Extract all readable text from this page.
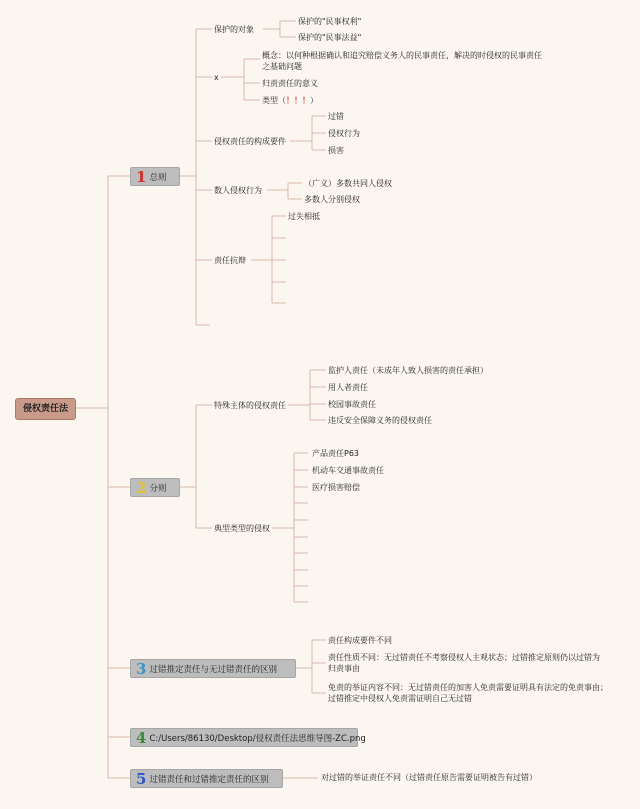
侵权责任法
1 总则
2 分则
3 过错推定责任与无过错责任的区别
4 C:/Users/86130/Desktop/侵权责任法思维导图-ZC.png
5 过错责任和过错推定责任的区别
保护的对象
保护的"民事权利"
保护的"民事法益"
x
概念：以何种根据确认和追究赔偿义务人的民事责任，解决的时侵权的民事责任之基础问题
归责责任的意义
类型（！！！）
侵权责任的构成要件
过错
侵权行为
损害
数人侵权行为
（广义）多数共同人侵权
多数人分别侵权
责任抗辩
过失相抵
特殊主体的侵权责任
监护人责任（未成年人致人损害的责任承担）
用人者责任
校园事故责任
违反安全保障义务的侵权责任
典型类型的侵权
产品责任P63
机动车交通事故责任
医疗损害赔偿
责任构成要件不同
责任性质不同：无过错责任不考察侵权人主观状态；过错推定原则仍以过错为归责事由
免责的举证内容不同：无过错责任的加害人免责需要证明具有法定的免责事由；过错推定中侵权人免责需证明自己无过错
对过错的举证责任不同（过错责任原告需要证明被告有过错）
